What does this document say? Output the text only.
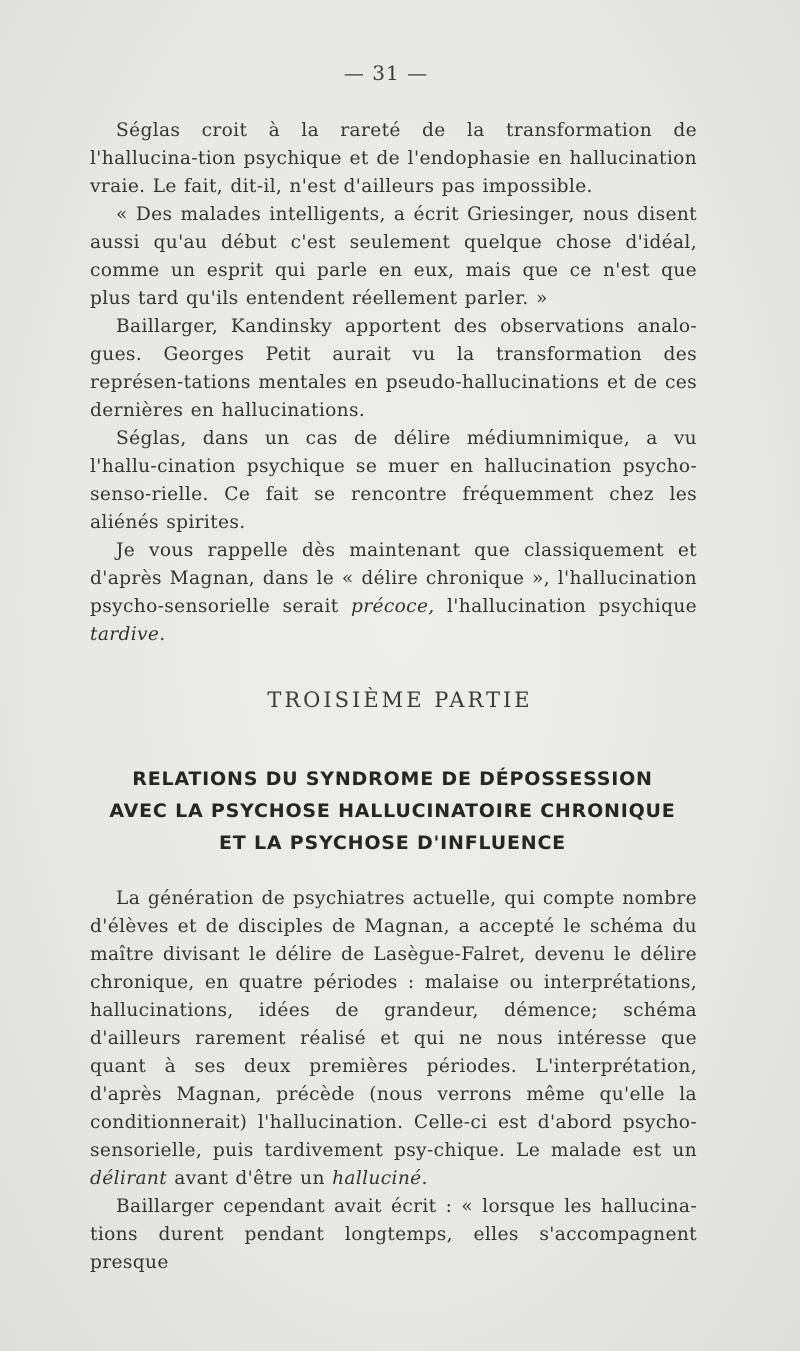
— 31 —

Séglas croit à la rareté de la transformation de l'hallucina-tion psychique et de l'endophasie en hallucination vraie. Le fait, dit-il, n'est d'ailleurs pas impossible.

« Des malades intelligents, a écrit Griesinger, nous disent aussi qu'au début c'est seulement quelque chose d'idéal, comme un esprit qui parle en eux, mais que ce n'est que plus tard qu'ils entendent réellement parler. »

Baillarger, Kandinsky apportent des observations analo-gues. Georges Petit aurait vu la transformation des représen-tations mentales en pseudo-hallucinations et de ces dernières en hallucinations.

Séglas, dans un cas de délire médiumnimique, a vu l'hallu-cination psychique se muer en hallucination psycho-senso-rielle. Ce fait se rencontre fréquemment chez les aliénés spirites.

Je vous rappelle dès maintenant que classiquement et d'après Magnan, dans le « délire chronique », l'hallucination psycho-sensorielle serait précoce, l'hallucination psychique tardive.

TROISIÈME PARTIE
RELATIONS DU SYNDROME DE DÉPOSSESSION
AVEC LA PSYCHOSE HALLUCINATOIRE CHRONIQUE
ET LA PSYCHOSE D'INFLUENCE

La génération de psychiatres actuelle, qui compte nombre d'élèves et de disciples de Magnan, a accepté le schéma du maître divisant le délire de Lasègue-Falret, devenu le délire chronique, en quatre périodes : malaise ou interprétations, hallucinations, idées de grandeur, démence; schéma d'ailleurs rarement réalisé et qui ne nous intéresse que quant à ses deux premières périodes. L'interprétation, d'après Magnan, précède (nous verrons même qu'elle la conditionnerait) l'hallucination. Celle-ci est d'abord psycho-sensorielle, puis tardivement psy-chique. Le malade est un délirant avant d'être un halluciné.

Baillarger cependant avait écrit : « lorsque les hallucina-tions durent pendant longtemps, elles s'accompagnent presque
